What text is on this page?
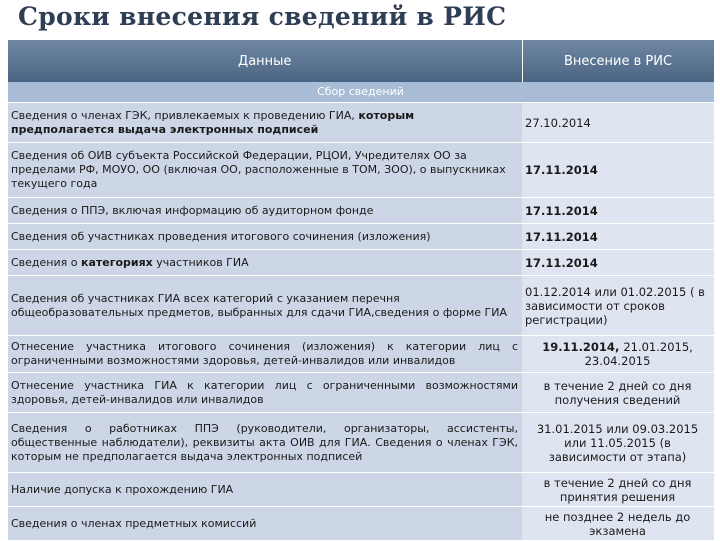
Сроки внесения сведений в РИС
Данные	Внесение в РИС
Сбор сведений	
Сведения о членах ГЭК, привлекаемых к проведению ГИА, которым предполагается выдача электронных подписей	27.10.2014
Сведения об ОИВ субъекта Российской Федерации, РЦОИ, Учредителях ОО за пределами РФ, МОУО, ОО (включая ОО, расположенные в ТОМ, ЗОО), о выпускниках текущего года	17.11.2014
Сведения о ППЭ, включая информацию об аудиторном фонде	17.11.2014
Сведения об участниках проведения итогового сочинения (изложения)	17.11.2014
Сведения о категориях участников ГИА	17.11.2014
Сведения об участниках ГИА всех категорий с указанием перечня общеобразовательных предметов, выбранных для сдачи ГИА,сведения о форме ГИА	01.12.2014 или 01.02.2015 ( в зависимости от сроков регистрации)
Отнесение участника итогового сочинения (изложения) к категории лиц с ограниченными возможностями здоровья, детей-инвалидов или инвалидов	19.11.2014, 21.01.2015, 23.04.2015
Отнесение участника ГИА к категории лиц с ограниченными возможностями здоровья, детей-инвалидов или инвалидов	в течение 2 дней со дня получения сведений
Сведения о работниках ППЭ (руководители, организаторы, ассистенты, общественные наблюдатели), реквизиты акта ОИВ для ГИА. Сведения о членах ГЭК, которым не предполагается выдача электронных подписей	31.01.2015 или 09.03.2015 или 11.05.2015 (в зависимости от этапа)
Наличие допуска к прохождению ГИА	в течение 2 дней со дня принятия решения
Сведения о членах предметных комиссий	не позднее 2 недель до экзамена
